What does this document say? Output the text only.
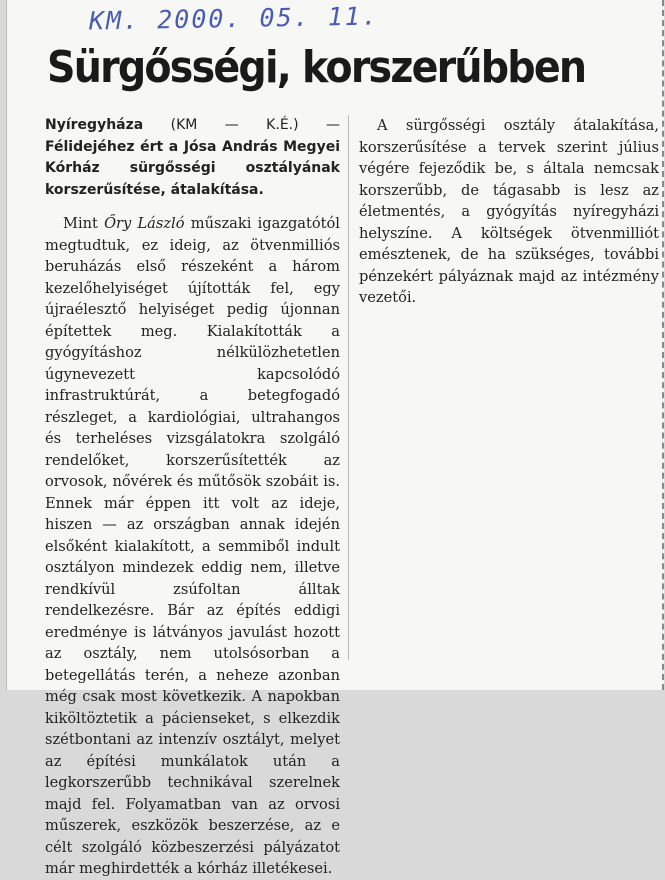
KM. 2000. 05. 11.
Sürgősségi, korszerűbben

Nyíregyháza (KM — K.É.) — Félidejéhez ért a Jósa András Megyei Kórház sürgősségi osztályának korszerűsítése, átalakítása.

Mint Őry László műszaki igazgatótól megtudtuk, ez ideig, az ötvenmilliós beruházás első részeként a három kezelőhelyiséget újították fel, egy újraélesztő helyiséget pedig újonnan építettek meg. Kialakították a gyógyításhoz nélkülözhetetlen úgynevezett kapcsolódó infrastruktúrát, a betegfogadó részleget, a kardiológiai, ultrahangos és terheléses vizsgálatokra szolgáló rendelőket, korszerűsítették az orvosok, nővérek és műtősök szobáit is. Ennek már éppen itt volt az ideje, hiszen — az országban annak idején elsőként kialakított, a semmiből indult osztályon mindezek eddig nem, illetve rendkívül zsúfoltan álltak rendelkezésre. Bár az építés eddigi eredménye is látványos javulást hozott az osztály, nem utolsósorban a betegellátás terén, a neheze azonban még csak most következik. A napokban kiköltöztetik a pácienseket, s elkezdik szétbontani az intenzív osztályt, melyet az építési munkálatok után a legkorszerűbb technikával szerelnek majd fel. Folyamatban van az orvosi műszerek, eszközök beszerzése, az e célt szolgáló közbeszerzési pályázatot már meghirdették a kórház illetékesei.

A sürgősségi osztály átalakítása, korszerűsítése a tervek szerint július végére fejeződik be, s általa nemcsak korszerűbb, de tágasabb is lesz az életmentés, a gyógyítás nyíregyházi helyszíne. A költségek ötvenmilliót emésztenek, de ha szükséges, további pénzekért pályáznak majd az intézmény vezetői.
